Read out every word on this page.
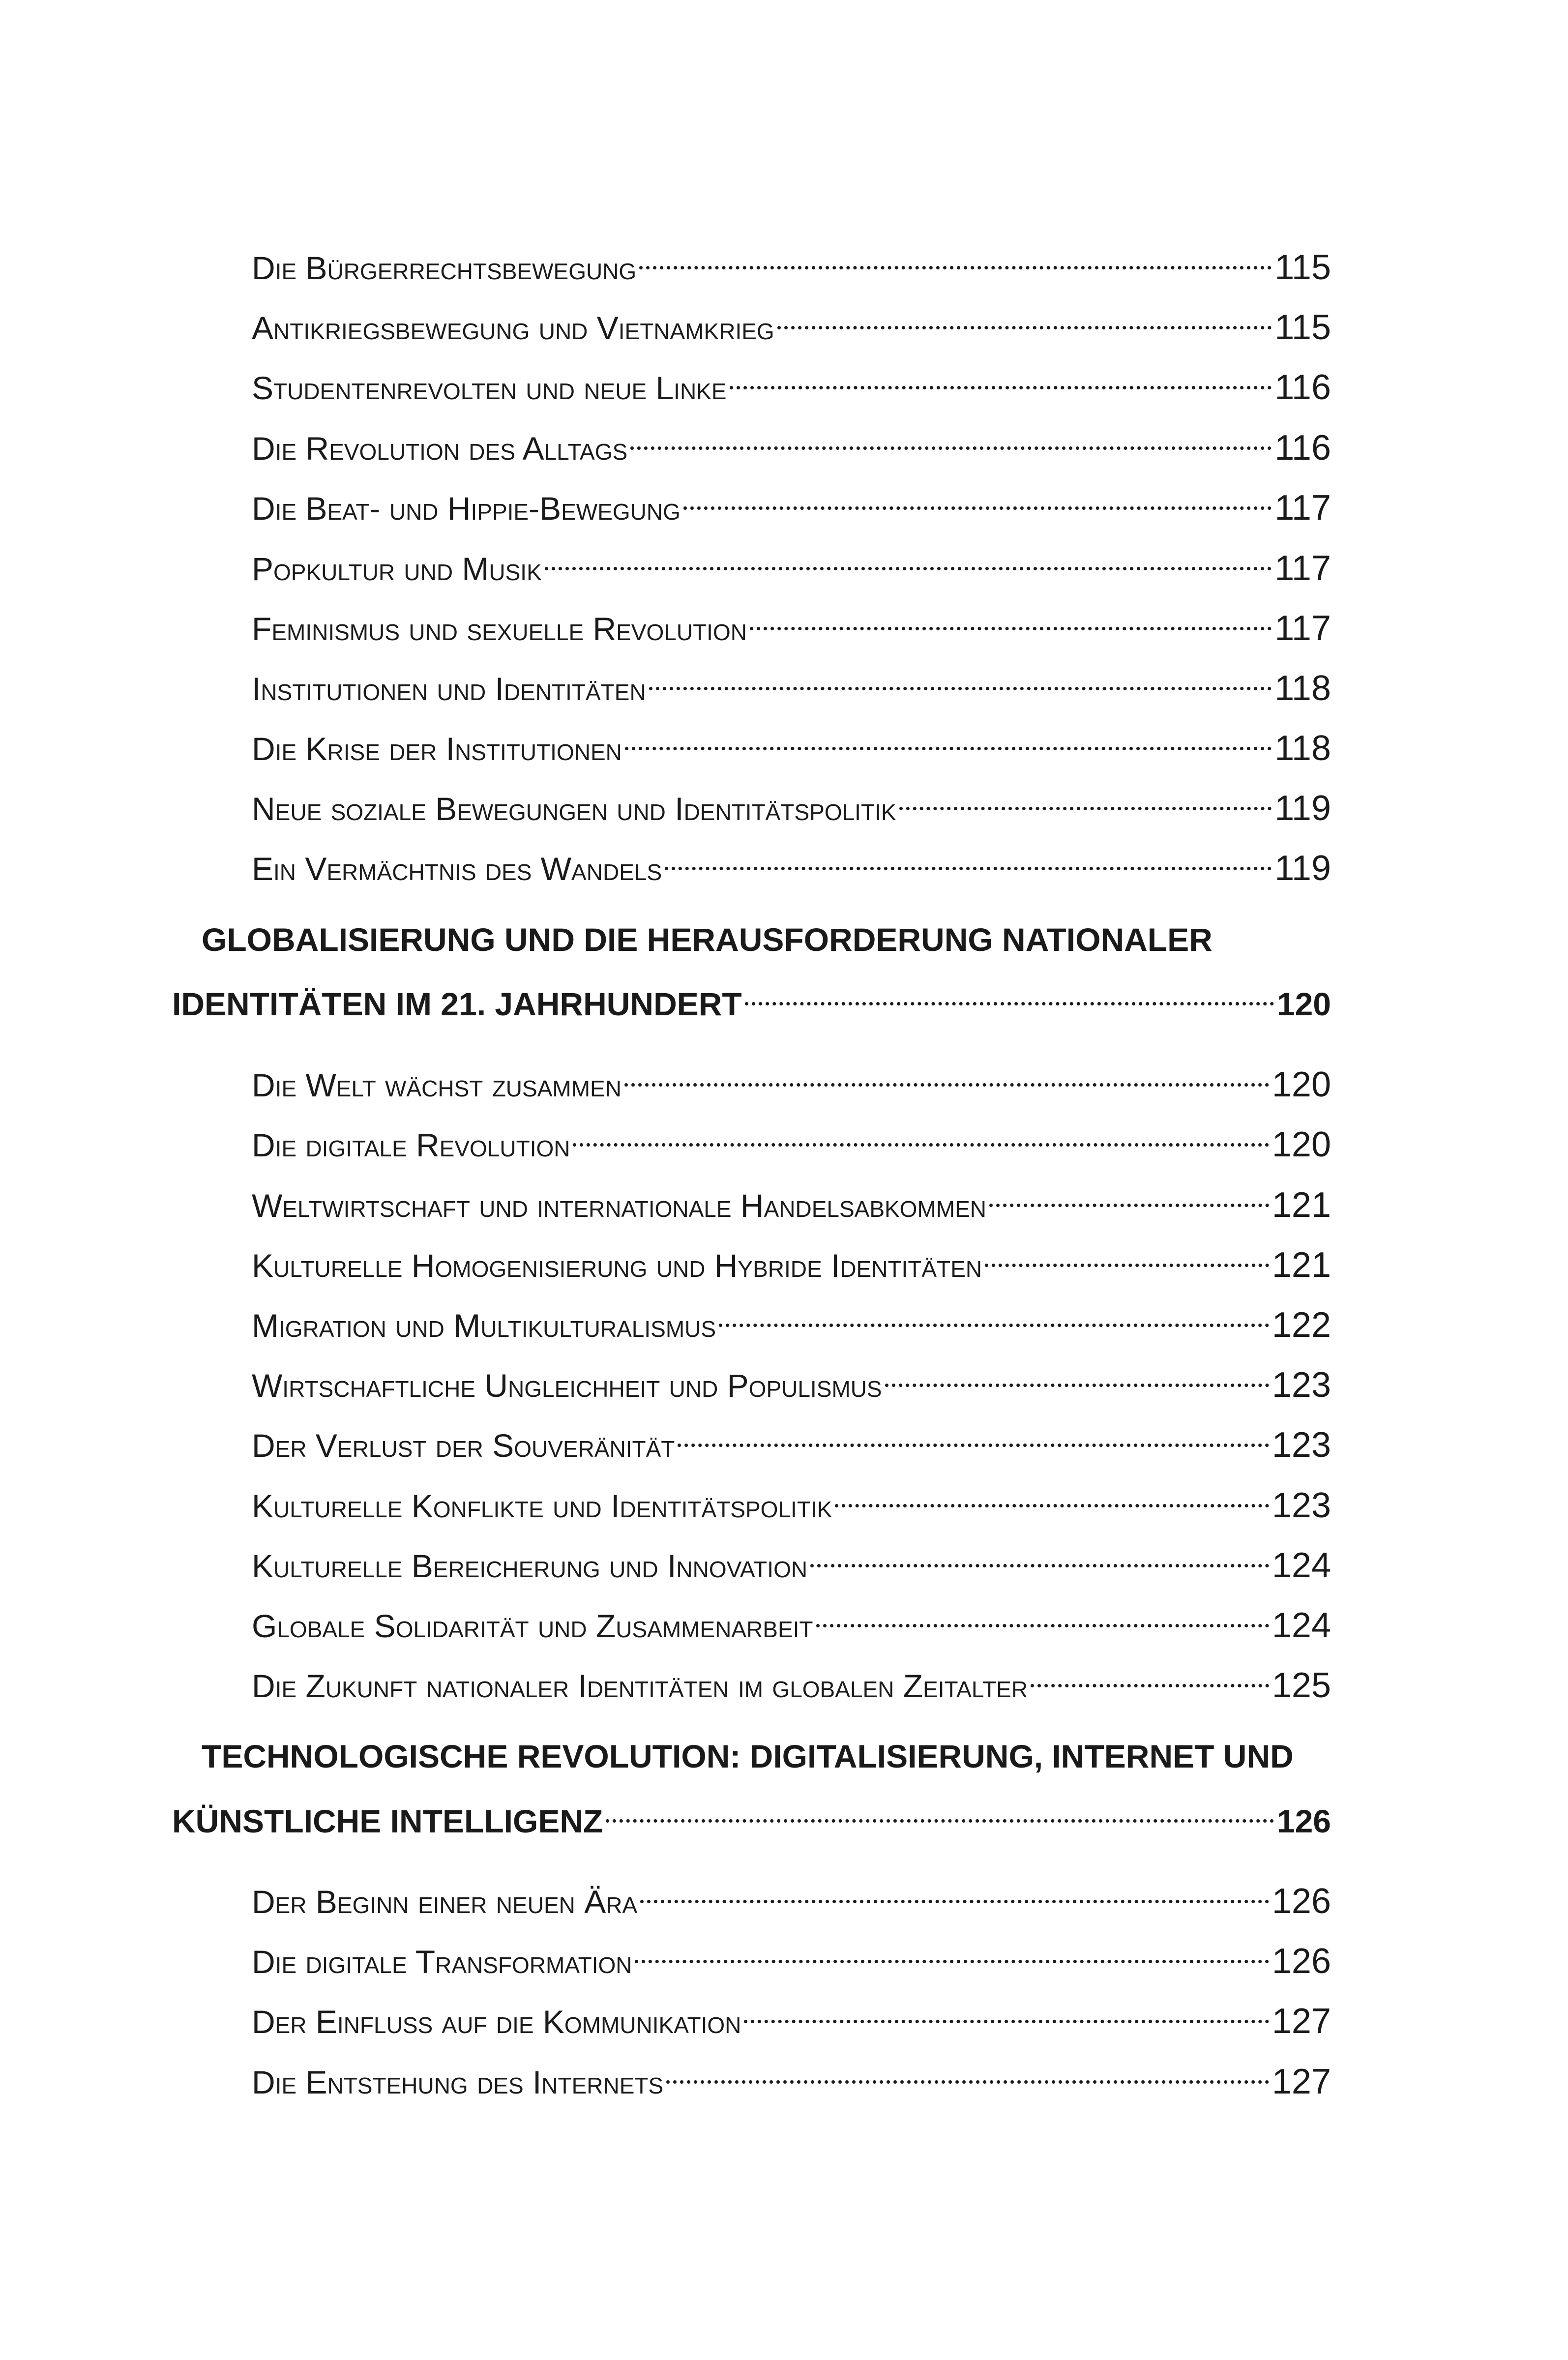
Die Bürgerrechtsbewegung	115
Antikriegsbewegung und Vietnamkrieg	115
Studentenrevolten und neue Linke	116
Die Revolution des Alltags	116
Die Beat- und Hippie-Bewegung	117
Popkultur und Musik	117
Feminismus und sexuelle Revolution	117
Institutionen und Identitäten	118
Die Krise der Institutionen	118
Neue soziale Bewegungen und Identitätspolitik	119
Ein Vermächtnis des Wandels	119
GLOBALISIERUNG UND DIE HERAUSFORDERUNG NATIONALER
IDENTITÄTEN IM 21. JAHRHUNDERT	120
Die Welt wächst zusammen	120
Die digitale Revolution	120
Weltwirtschaft und internationale Handelsabkommen	121
Kulturelle Homogenisierung und Hybride Identitäten	121
Migration und Multikulturalismus	122
Wirtschaftliche Ungleichheit und Populismus	123
Der Verlust der Souveränität	123
Kulturelle Konflikte und Identitätspolitik	123
Kulturelle Bereicherung und Innovation	124
Globale Solidarität und Zusammenarbeit	124
Die Zukunft nationaler Identitäten im globalen Zeitalter	125
TECHNOLOGISCHE REVOLUTION: DIGITALISIERUNG, INTERNET UND
KÜNSTLICHE INTELLIGENZ	126
Der Beginn einer neuen Ära	126
Die digitale Transformation	126
Der Einfluss auf die Kommunikation	127
Die Entstehung des Internets	127
